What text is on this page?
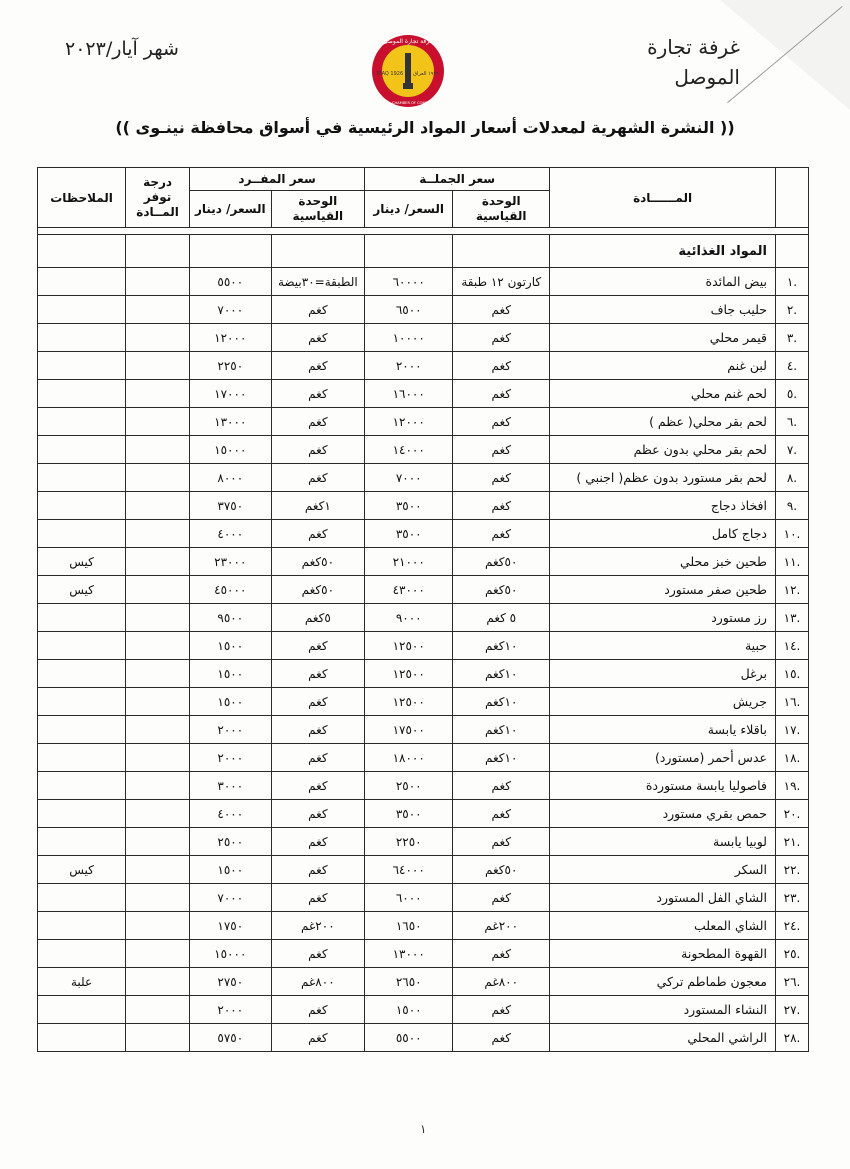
غرفة تجارة
الموصل
شهر آيار/٢٠٢٣
IRAQ 1926 ١٩٢٦ العراق
غرفة تجارة الموصل
MOSUL CHAMBER OF COMMERCE
(( النشرة الشهرية لمعدلات أسعار المواد الرئيسية في أسواق محافظة نينـوى ))
	المــــــادة	سعر الجملــة		سعر المفــرد		درجة توفر المــادة	الملاحظات
		الوحدة القياسية	السعر/ دينار	الوحدة القياسية	السعر/ دينار		

	المواد الغذائية						
.١	بيض المائدة	كارتون ١٢ طبقة	٦٠٠٠٠	الطبقة=٣٠بيضة	٥٥٠٠		
.٢	حليب جاف	كغم	٦٥٠٠	كغم	٧٠٠٠		
.٣	قيمر محلي	كغم	١٠٠٠٠	كغم	١٢٠٠٠		
.٤	لبن غنم	كغم	٢٠٠٠	كغم	٢٢٥٠		
.٥	لحم غنم محلي	كغم	١٦٠٠٠	كغم	١٧٠٠٠		
.٦	لحم بقر محلي( عظم )	كغم	١٢٠٠٠	كغم	١٣٠٠٠		
.٧	لحم بقر محلي بدون عظم	كغم	١٤٠٠٠	كغم	١٥٠٠٠		
.٨	لحم بقر مستورد بدون عظم( اجنبي )	كغم	٧٠٠٠	كغم	٨٠٠٠		
.٩	افخاذ دجاج	كغم	٣٥٠٠	١كغم	٣٧٥٠		
.١٠	دجاج كامل	كغم	٣٥٠٠	كغم	٤٠٠٠		
.١١	طحين خبز محلي	٥٠كغم	٢١٠٠٠	٥٠كغم	٢٣٠٠٠		كيس
.١٢	طحين صفر مستورد	٥٠كغم	٤٣٠٠٠	٥٠كغم	٤٥٠٠٠		كيس
.١٣	رز مستورد	٥ كغم	٩٠٠٠	٥كغم	٩٥٠٠		
.١٤	حبية	١٠كغم	١٢٥٠٠	كغم	١٥٠٠		
.١٥	برغل	١٠كغم	١٢٥٠٠	كغم	١٥٠٠		
.١٦	جريش	١٠كغم	١٢٥٠٠	كغم	١٥٠٠		
.١٧	باقلاء يابسة	١٠كغم	١٧٥٠٠	كغم	٢٠٠٠		
.١٨	عدس أحمر (مستورد)	١٠كغم	١٨٠٠٠	كغم	٢٠٠٠		
.١٩	فاصوليا يابسة مستوردة	كغم	٢٥٠٠	كغم	٣٠٠٠		
.٢٠	حمص بقري مستورد	كغم	٣٥٠٠	كغم	٤٠٠٠		
.٢١	لوبيا يابسة	كغم	٢٢٥٠	كغم	٢٥٠٠		
.٢٢	السكر	٥٠كغم	٦٤٠٠٠	كغم	١٥٠٠		كيس
.٢٣	الشاي الفل المستورد	كغم	٦٠٠٠	كغم	٧٠٠٠		
.٢٤	الشاي المعلب	٢٠٠غم	١٦٥٠	٢٠٠غم	١٧٥٠		
.٢٥	القهوة المطحونة	كغم	١٣٠٠٠	كغم	١٥٠٠٠		
.٢٦	معجون طماطم تركي	٨٠٠غم	٢٦٥٠	٨٠٠غم	٢٧٥٠		علبة
.٢٧	النشاء المستورد	كغم	١٥٠٠	كغم	٢٠٠٠		
.٢٨	الراشي المحلي	كغم	٥٥٠٠	كغم	٥٧٥٠		
١
